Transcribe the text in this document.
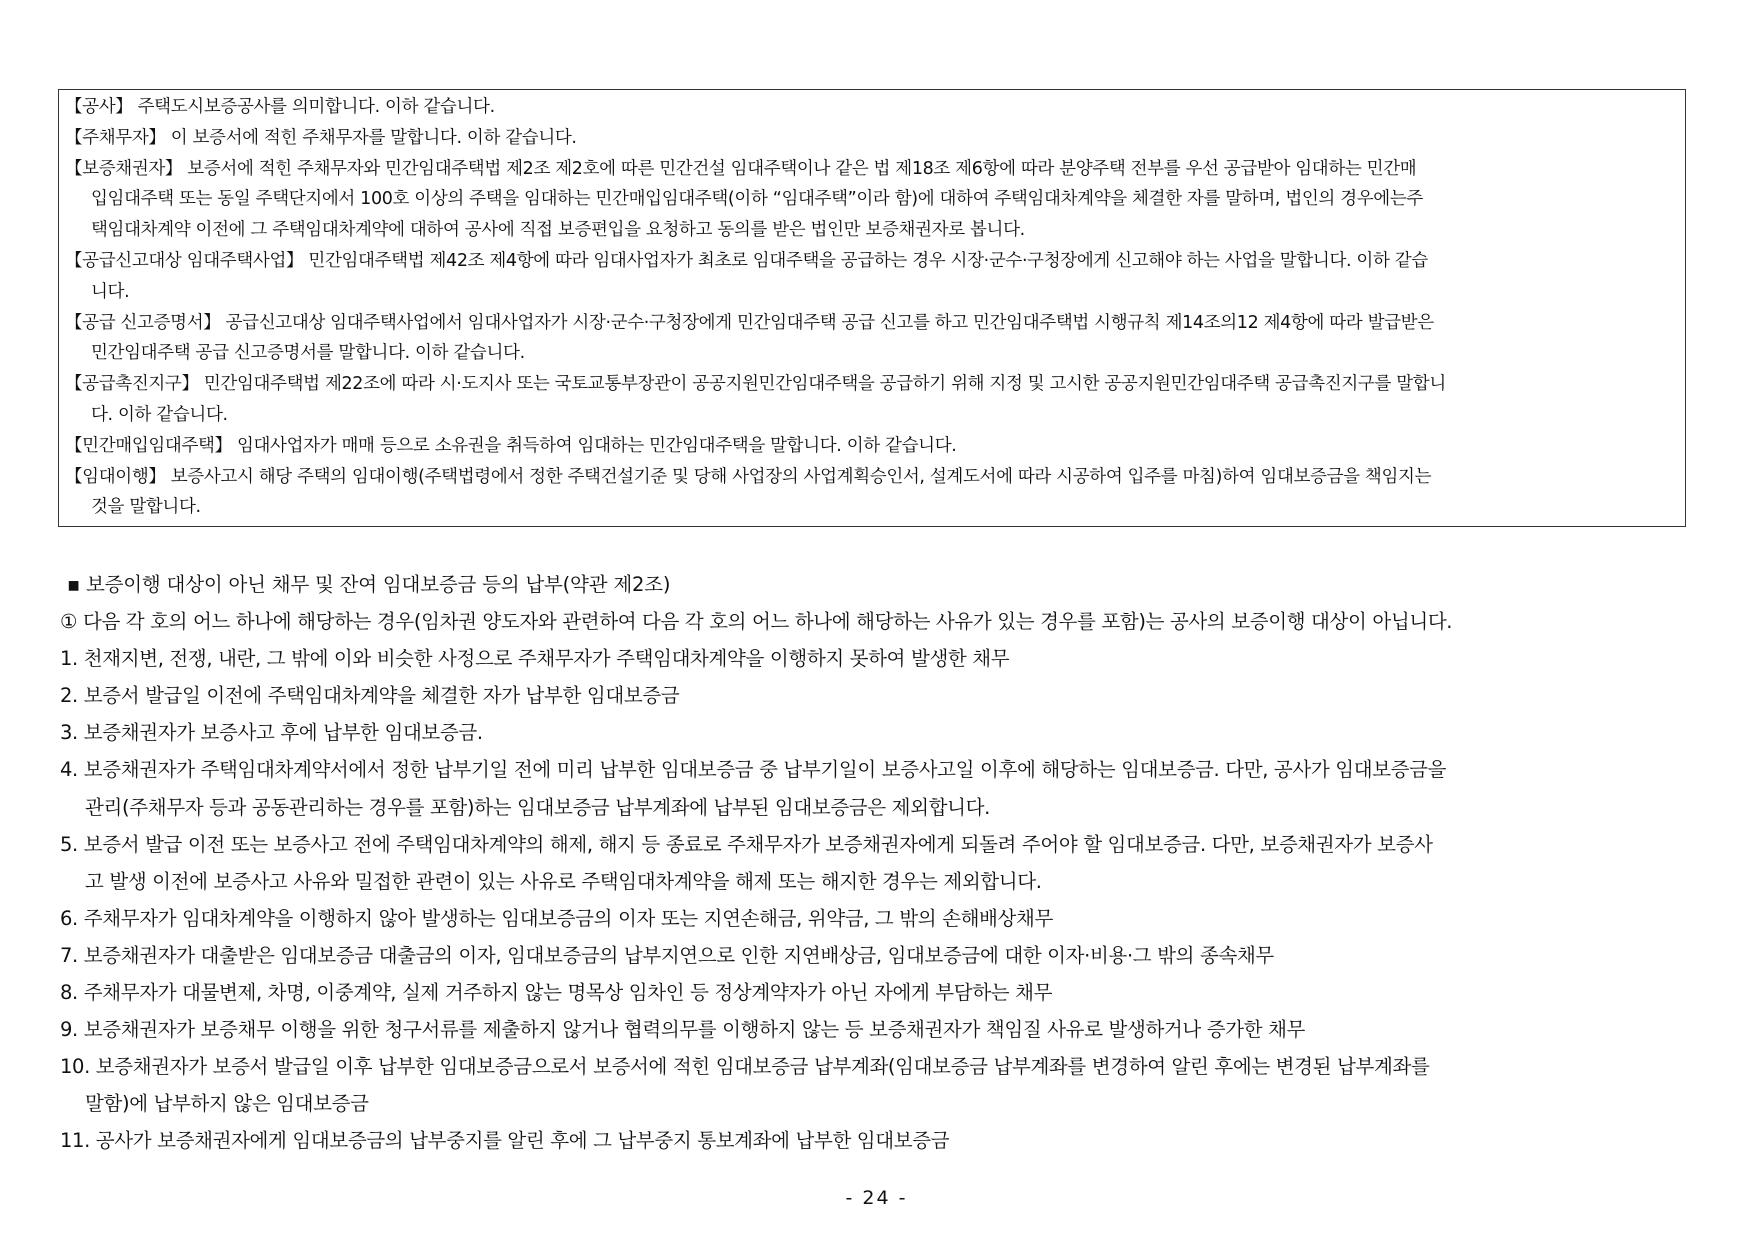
【공사】 주택도시보증공사를 의미합니다. 이하 같습니다.
【주채무자】 이 보증서에 적힌 주채무자를 말합니다. 이하 같습니다.
【보증채권자】 보증서에 적힌 주채무자와 민간임대주택법 제2조 제2호에 따른 민간건설 임대주택이나 같은 법 제18조 제6항에 따라 분양주택 전부를 우선 공급받아 임대하는 민간매
입임대주택 또는 동일 주택단지에서 100호 이상의 주택을 임대하는 민간매입임대주택(이하 “임대주택”이라 함)에 대하여 주택임대차계약을 체결한 자를 말하며, 법인의 경우에는주
택임대차계약 이전에 그 주택임대차계약에 대하여 공사에 직접 보증편입을 요청하고 동의를 받은 법인만 보증채권자로 봅니다.
【공급신고대상 임대주택사업】 민간임대주택법 제42조 제4항에 따라 임대사업자가 최초로 임대주택을 공급하는 경우 시장·군수·구청장에게 신고해야 하는 사업을 말합니다. 이하 같습
니다.
【공급 신고증명서】 공급신고대상 임대주택사업에서 임대사업자가 시장·군수·구청장에게 민간임대주택 공급 신고를 하고 민간임대주택법 시행규칙 제14조의12 제4항에 따라 발급받은
민간임대주택 공급 신고증명서를 말합니다. 이하 같습니다.
【공급촉진지구】 민간임대주택법 제22조에 따라 시·도지사 또는 국토교통부장관이 공공지원민간임대주택을 공급하기 위해 지정 및 고시한 공공지원민간임대주택 공급촉진지구를 말합니
다. 이하 같습니다.
【민간매입임대주택】 임대사업자가 매매 등으로 소유권을 취득하여 임대하는 민간임대주택을 말합니다. 이하 같습니다.
【임대이행】 보증사고시 해당 주택의 임대이행(주택법령에서 정한 주택건설기준 및 당해 사업장의 사업계획승인서, 설계도서에 따라 시공하여 입주를 마침)하여 임대보증금을 책임지는
것을 말합니다.
▪ 보증이행 대상이 아닌 채무 및 잔여 임대보증금 등의 납부(약관 제2조)
① 다음 각 호의 어느 하나에 해당하는 경우(임차권 양도자와 관련하여 다음 각 호의 어느 하나에 해당하는 사유가 있는 경우를 포함)는 공사의 보증이행 대상이 아닙니다.
1. 천재지변, 전쟁, 내란, 그 밖에 이와 비슷한 사정으로 주채무자가 주택임대차계약을 이행하지 못하여 발생한 채무
2. 보증서 발급일 이전에 주택임대차계약을 체결한 자가 납부한 임대보증금
3. 보증채권자가 보증사고 후에 납부한 임대보증금.
4. 보증채권자가 주택임대차계약서에서 정한 납부기일 전에 미리 납부한 임대보증금 중 납부기일이 보증사고일 이후에 해당하는 임대보증금. 다만, 공사가 임대보증금을
관리(주채무자 등과 공동관리하는 경우를 포함)하는 임대보증금 납부계좌에 납부된 임대보증금은 제외합니다.
5. 보증서 발급 이전 또는 보증사고 전에 주택임대차계약의 해제, 해지 등 종료로 주채무자가 보증채권자에게 되돌려 주어야 할 임대보증금. 다만, 보증채권자가 보증사
고 발생 이전에 보증사고 사유와 밀접한 관련이 있는 사유로 주택임대차계약을 해제 또는 해지한 경우는 제외합니다.
6. 주채무자가 임대차계약을 이행하지 않아 발생하는 임대보증금의 이자 또는 지연손해금, 위약금, 그 밖의 손해배상채무
7. 보증채권자가 대출받은 임대보증금 대출금의 이자, 임대보증금의 납부지연으로 인한 지연배상금, 임대보증금에 대한 이자·비용·그 밖의 종속채무
8. 주채무자가 대물변제, 차명, 이중계약, 실제 거주하지 않는 명목상 임차인 등 정상계약자가 아닌 자에게 부담하는 채무
9. 보증채권자가 보증채무 이행을 위한 청구서류를 제출하지 않거나 협력의무를 이행하지 않는 등 보증채권자가 책임질 사유로 발생하거나 증가한 채무
10. 보증채권자가 보증서 발급일 이후 납부한 임대보증금으로서 보증서에 적힌 임대보증금 납부계좌(임대보증금 납부계좌를 변경하여 알린 후에는 변경된 납부계좌를
말함)에 납부하지 않은 임대보증금
11. 공사가 보증채권자에게 임대보증금의 납부중지를 알린 후에 그 납부중지 통보계좌에 납부한 임대보증금
- 24 -
